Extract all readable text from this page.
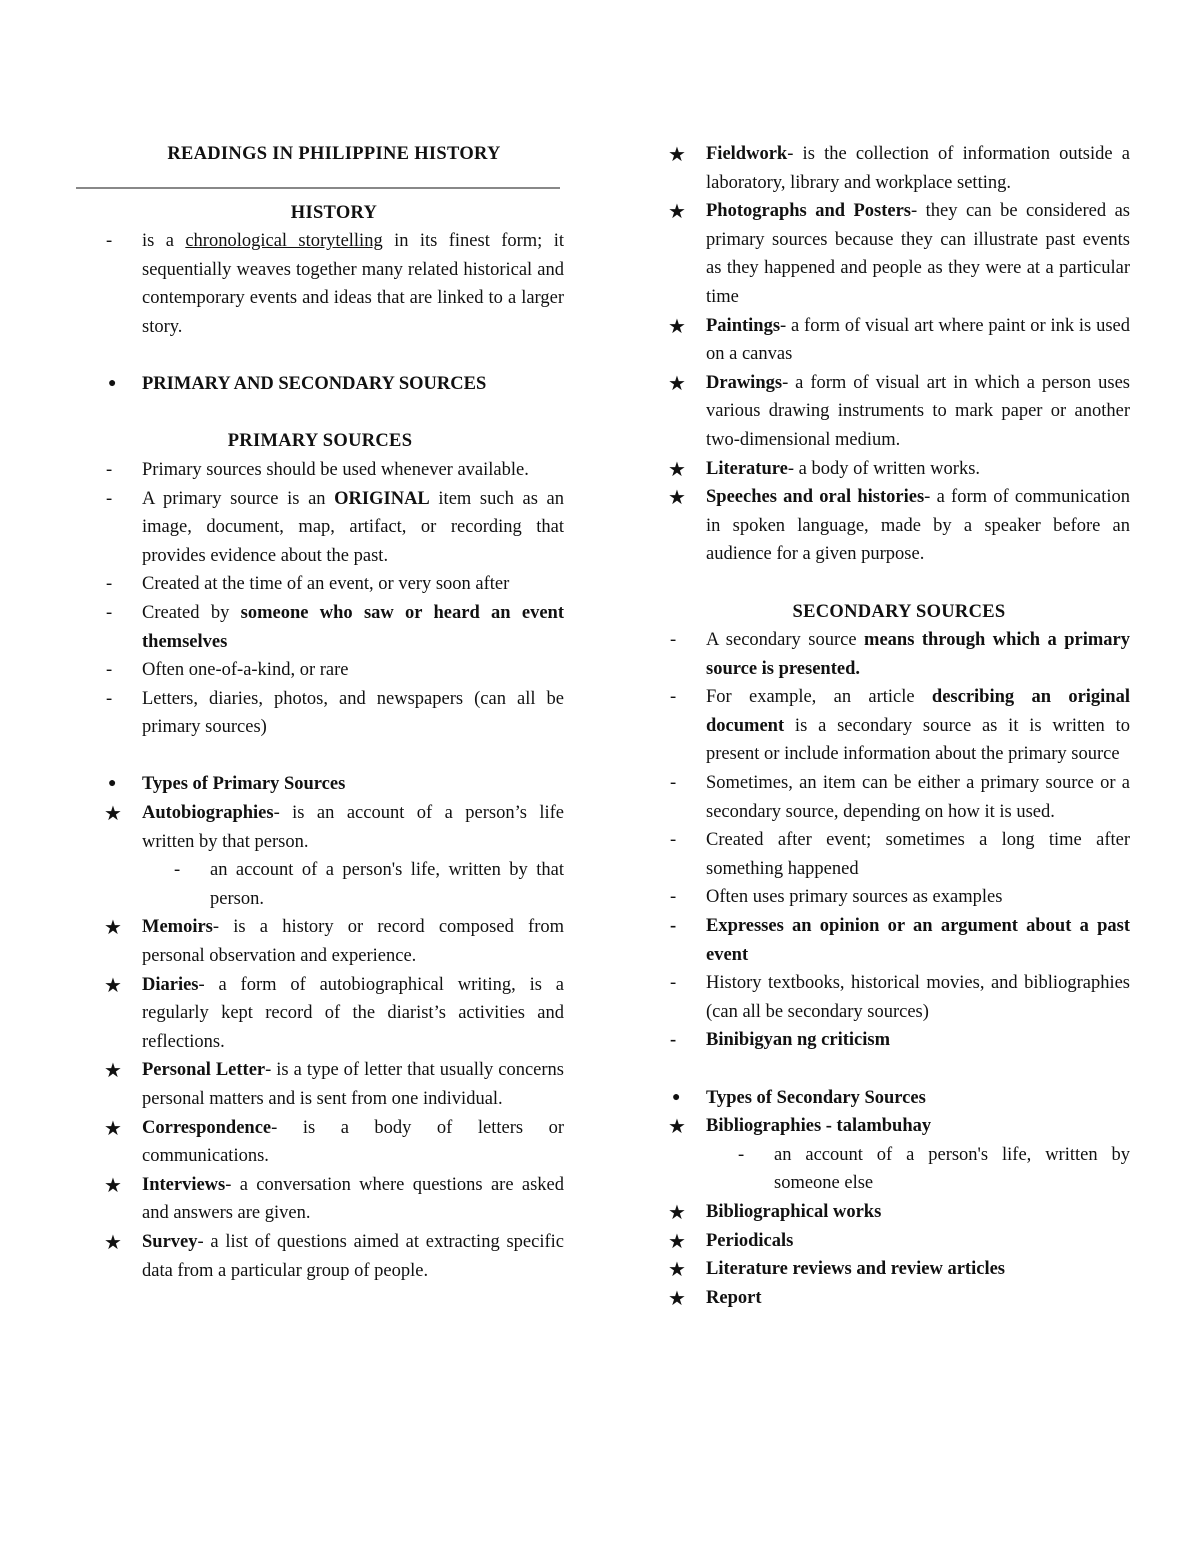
READINGS IN PHILIPPINE HISTORY
HISTORY
-	is a chronological storytelling in its finest form; it sequentially weaves together many related historical and contemporary events and ideas that are linked to a larger story.
●	PRIMARY AND SECONDARY SOURCES
PRIMARY SOURCES
-	Primary sources should be used whenever available.
-	A primary source is an ORIGINAL item such as an image, document, map, artifact, or recording that provides evidence about the past.
-	Created at the time of an event, or very soon after
-	Created by someone who saw or heard an event themselves
-	Often one-of-a-kind, or rare
-	Letters, diaries, photos, and newspapers (can all be primary sources)
●	Types of Primary Sources
★	Autobiographies- is an account of a person’s life written by that person.
-	an account of a person's life, written by that person.
★	Memoirs- is a history or record composed from personal observation and experience.
★	Diaries- a form of autobiographical writing, is a regularly kept record of the diarist’s activities and reflections.
★	Personal Letter- is a type of letter that usually concerns personal matters and is sent from one individual.
★	Correspondence- is a body of letters or communications.
★	Interviews- a conversation where questions are asked and answers are given.
★	Survey- a list of questions aimed at extracting specific data from a particular group of people.
★	Fieldwork- is the collection of information outside a laboratory, library and workplace setting.
★	Photographs and Posters- they can be considered as primary sources because they can illustrate past events as they happened and people as they were at a particular time
★	Paintings- a form of visual art where paint or ink is used on a canvas
★	Drawings- a form of visual art in which a person uses various drawing instruments to mark paper or another two-dimensional medium.
★	Literature- a body of written works.
★	Speeches and oral histories- a form of communication in spoken language, made by a speaker before an audience for a given purpose.
SECONDARY SOURCES
-	A secondary source means through which a primary source is presented.
-	For example, an article describing an original document is a secondary source as it is written to present or include information about the primary source
-	Sometimes, an item can be either a primary source or a secondary source, depending on how it is used.
-	Created after event; sometimes a long time after something happened
-	Often uses primary sources as examples
-	Expresses an opinion or an argument about a past event
-	History textbooks, historical movies, and bibliographies (can all be secondary sources)
-	Binibigyan ng criticism
●	Types of Secondary Sources
★	Bibliographies - talambuhay
-	an account of a person's life, written by someone else
★	Bibliographical works
★	Periodicals
★	Literature reviews and review articles
★	Report
